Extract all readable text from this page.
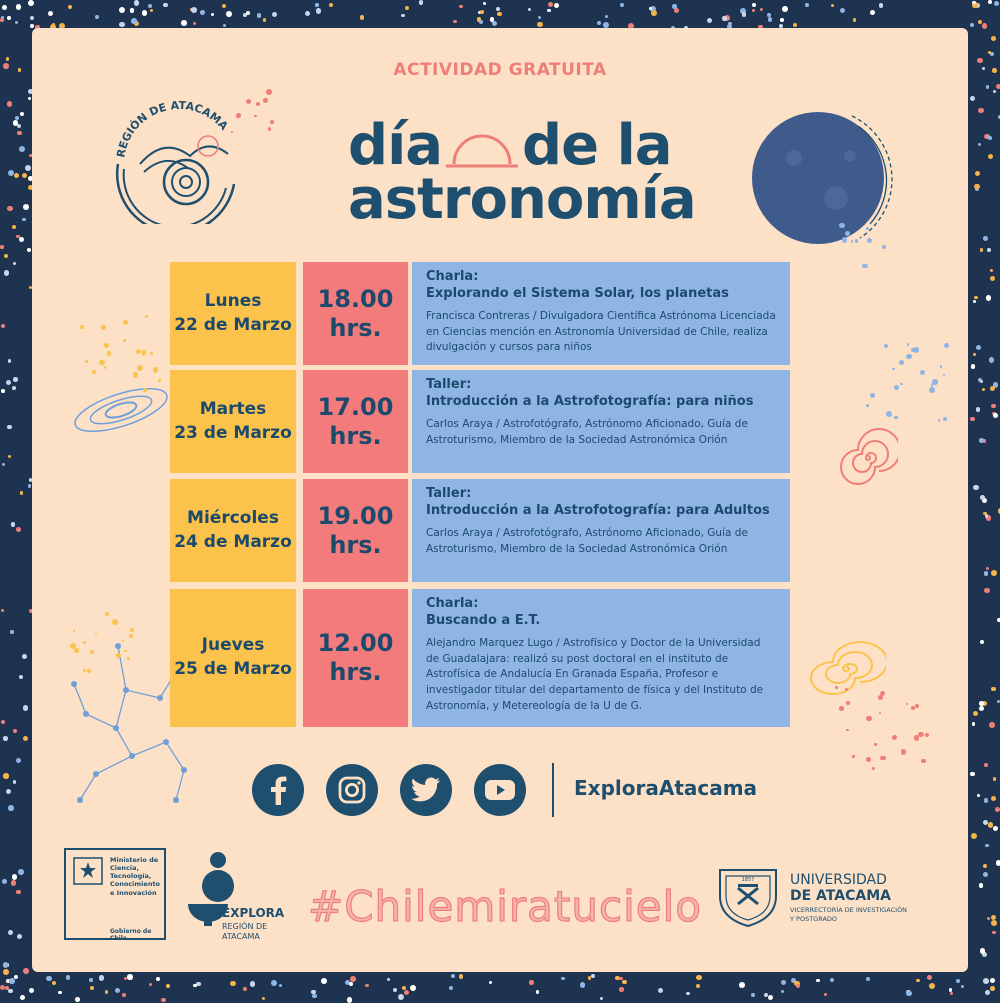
ACTIVIDAD GRATUITA
día de la
astronomía
REGIÓN DE ATACAMA
Lunes
22 de Marzo
18.00
hrs.
Charla:
Explorando el Sistema Solar, los planetas
Francisca Contreras / Divulgadora Científica Astrónoma Licenciada en Ciencias mención en Astronomía Universidad de Chile, realiza divulgación y cursos para niños
Martes
23 de Marzo
17.00
hrs.
Taller:
Introducción a la Astrofotografía: para niños
Carlos Araya / Astrofotógrafo, Astrónomo Aficionado, Guía de Astroturismo, Miembro de la Sociedad Astronómica Orión
Miércoles
24 de Marzo
19.00
hrs.
Taller:
Introducción a la Astrofotografía: para Adultos
Carlos Araya / Astrofotógrafo, Astrónomo Aficionado, Guía de Astroturismo, Miembro de la Sociedad Astronómica Orión
Jueves
25 de Marzo
12.00
hrs.
Charla:
Buscando a E.T.
Alejandro Marquez Lugo / Astrofísico y Doctor de la Universidad de Guadalajara: realizó su post doctoral en el instituto de Astrofísica de Andalucía En Granada España, Profesor e investigador titular del departamento de física y del Instituto de Astronomía, y Metereología de la U de G.
ExploraAtacama
Ministerio de
Ciencia,
Tecnología,
Conocimiento
e Innovación
Gobierno de Chile
EXPLORA
REGIÓN DE
ATACAMA
#Chilemiratucielo
1857	UNIVERSIDAD
DE ATACAMA
VICERRECTORÍA DE INVESTIGACIÓN
Y POSTGRADO
